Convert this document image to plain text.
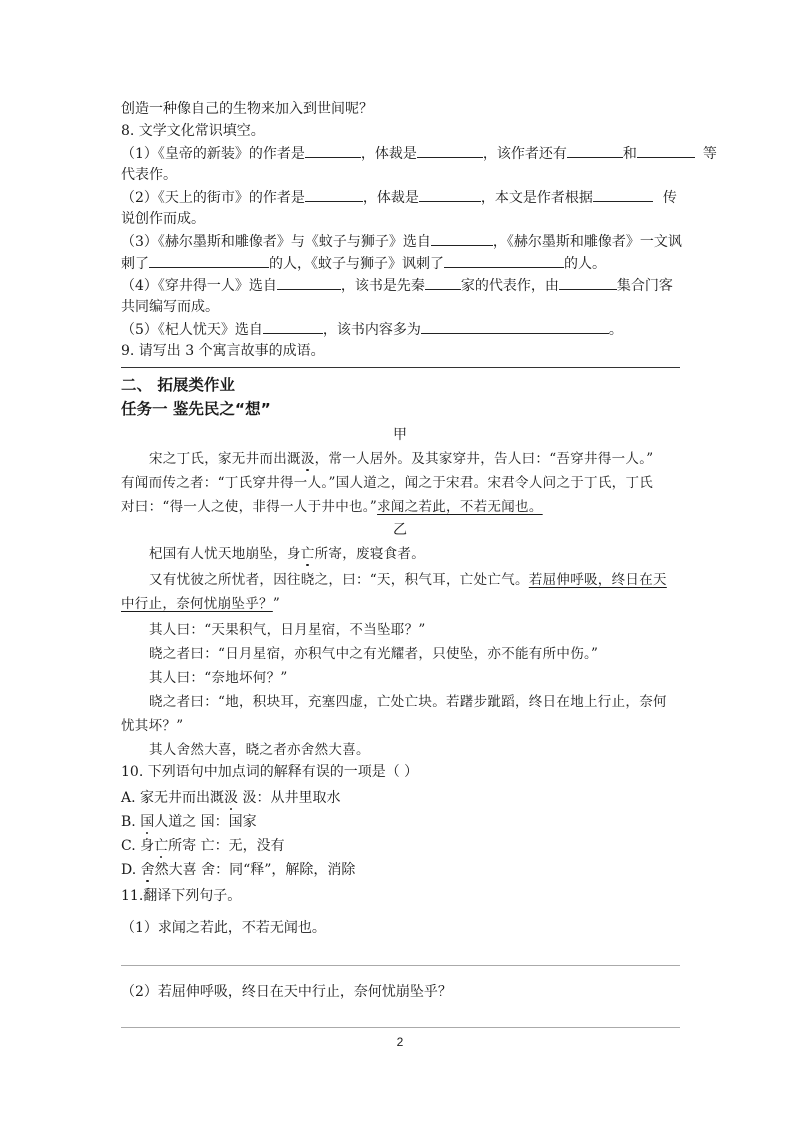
创造一种像自己的生物来加入到世间呢？
8. 文学文化常识填空。
（1）《皇帝的新装》的作者是	，体裁是	，该作者还有	和	等
代表作。
（2）《天上的街市》的作者是	，体裁是	，本文是作者根据	传
说创作而成。
（3）《赫尔墨斯和雕像者》与《蚊子与狮子》选自	，《赫尔墨斯和雕像者》一文讽
刺了	的人，《蚊子与狮子》讽刺了	的人。
（4）《穿井得一人》选自	，该书是先秦	家的代表作，由	集合门客
共同编写而成。
（5）《杞人忧天》选自	，该书内容多为	。
9. 请写出 3 个寓言故事的成语。
二、 拓展类作业
任务一 鉴先民之“想”
甲
宋之丁氏，家无井而出溉汲，常一人居外。及其家穿井，告人曰：“吾穿井得一人。”
有闻而传之者：“丁氏穿井得一人。”国人道之，闻之于宋君。宋君令人问之于丁氏，丁氏
对曰：“得一人之使，非得一人于井中也。”求闻之若此，不若无闻也。
乙
杞国有人忧天地崩坠，身亡所寄，废寝食者。
又有忧彼之所忧者，因往晓之，曰：“天，积气耳，亡处亡气。若屈伸呼吸，终日在天
中行止，奈何忧崩坠乎？”
其人曰：“天果积气，日月星宿，不当坠耶？”
晓之者曰：“日月星宿，亦积气中之有光耀者，只使坠，亦不能有所中伤。”
其人曰：“奈地坏何？”
晓之者曰：“地，积块耳，充塞四虚，亡处亡块。若躇步跐蹈，终日在地上行止，奈何
忧其坏？”
其人舍然大喜，晓之者亦舍然大喜。
10. 下列语句中加点词的解释有误的一项是（ ）
A. 家无井而出溉汲 汲：从井里取水
B. 国人道之 国：国家
C. 身亡所寄 亡：无，没有
D. 舍然大喜 舍：同“释”，解除，消除
11.翻译下列句子。
（1）求闻之若此，不若无闻也。
（2）若屈伸呼吸，终日在天中行止，奈何忧崩坠乎？
2
